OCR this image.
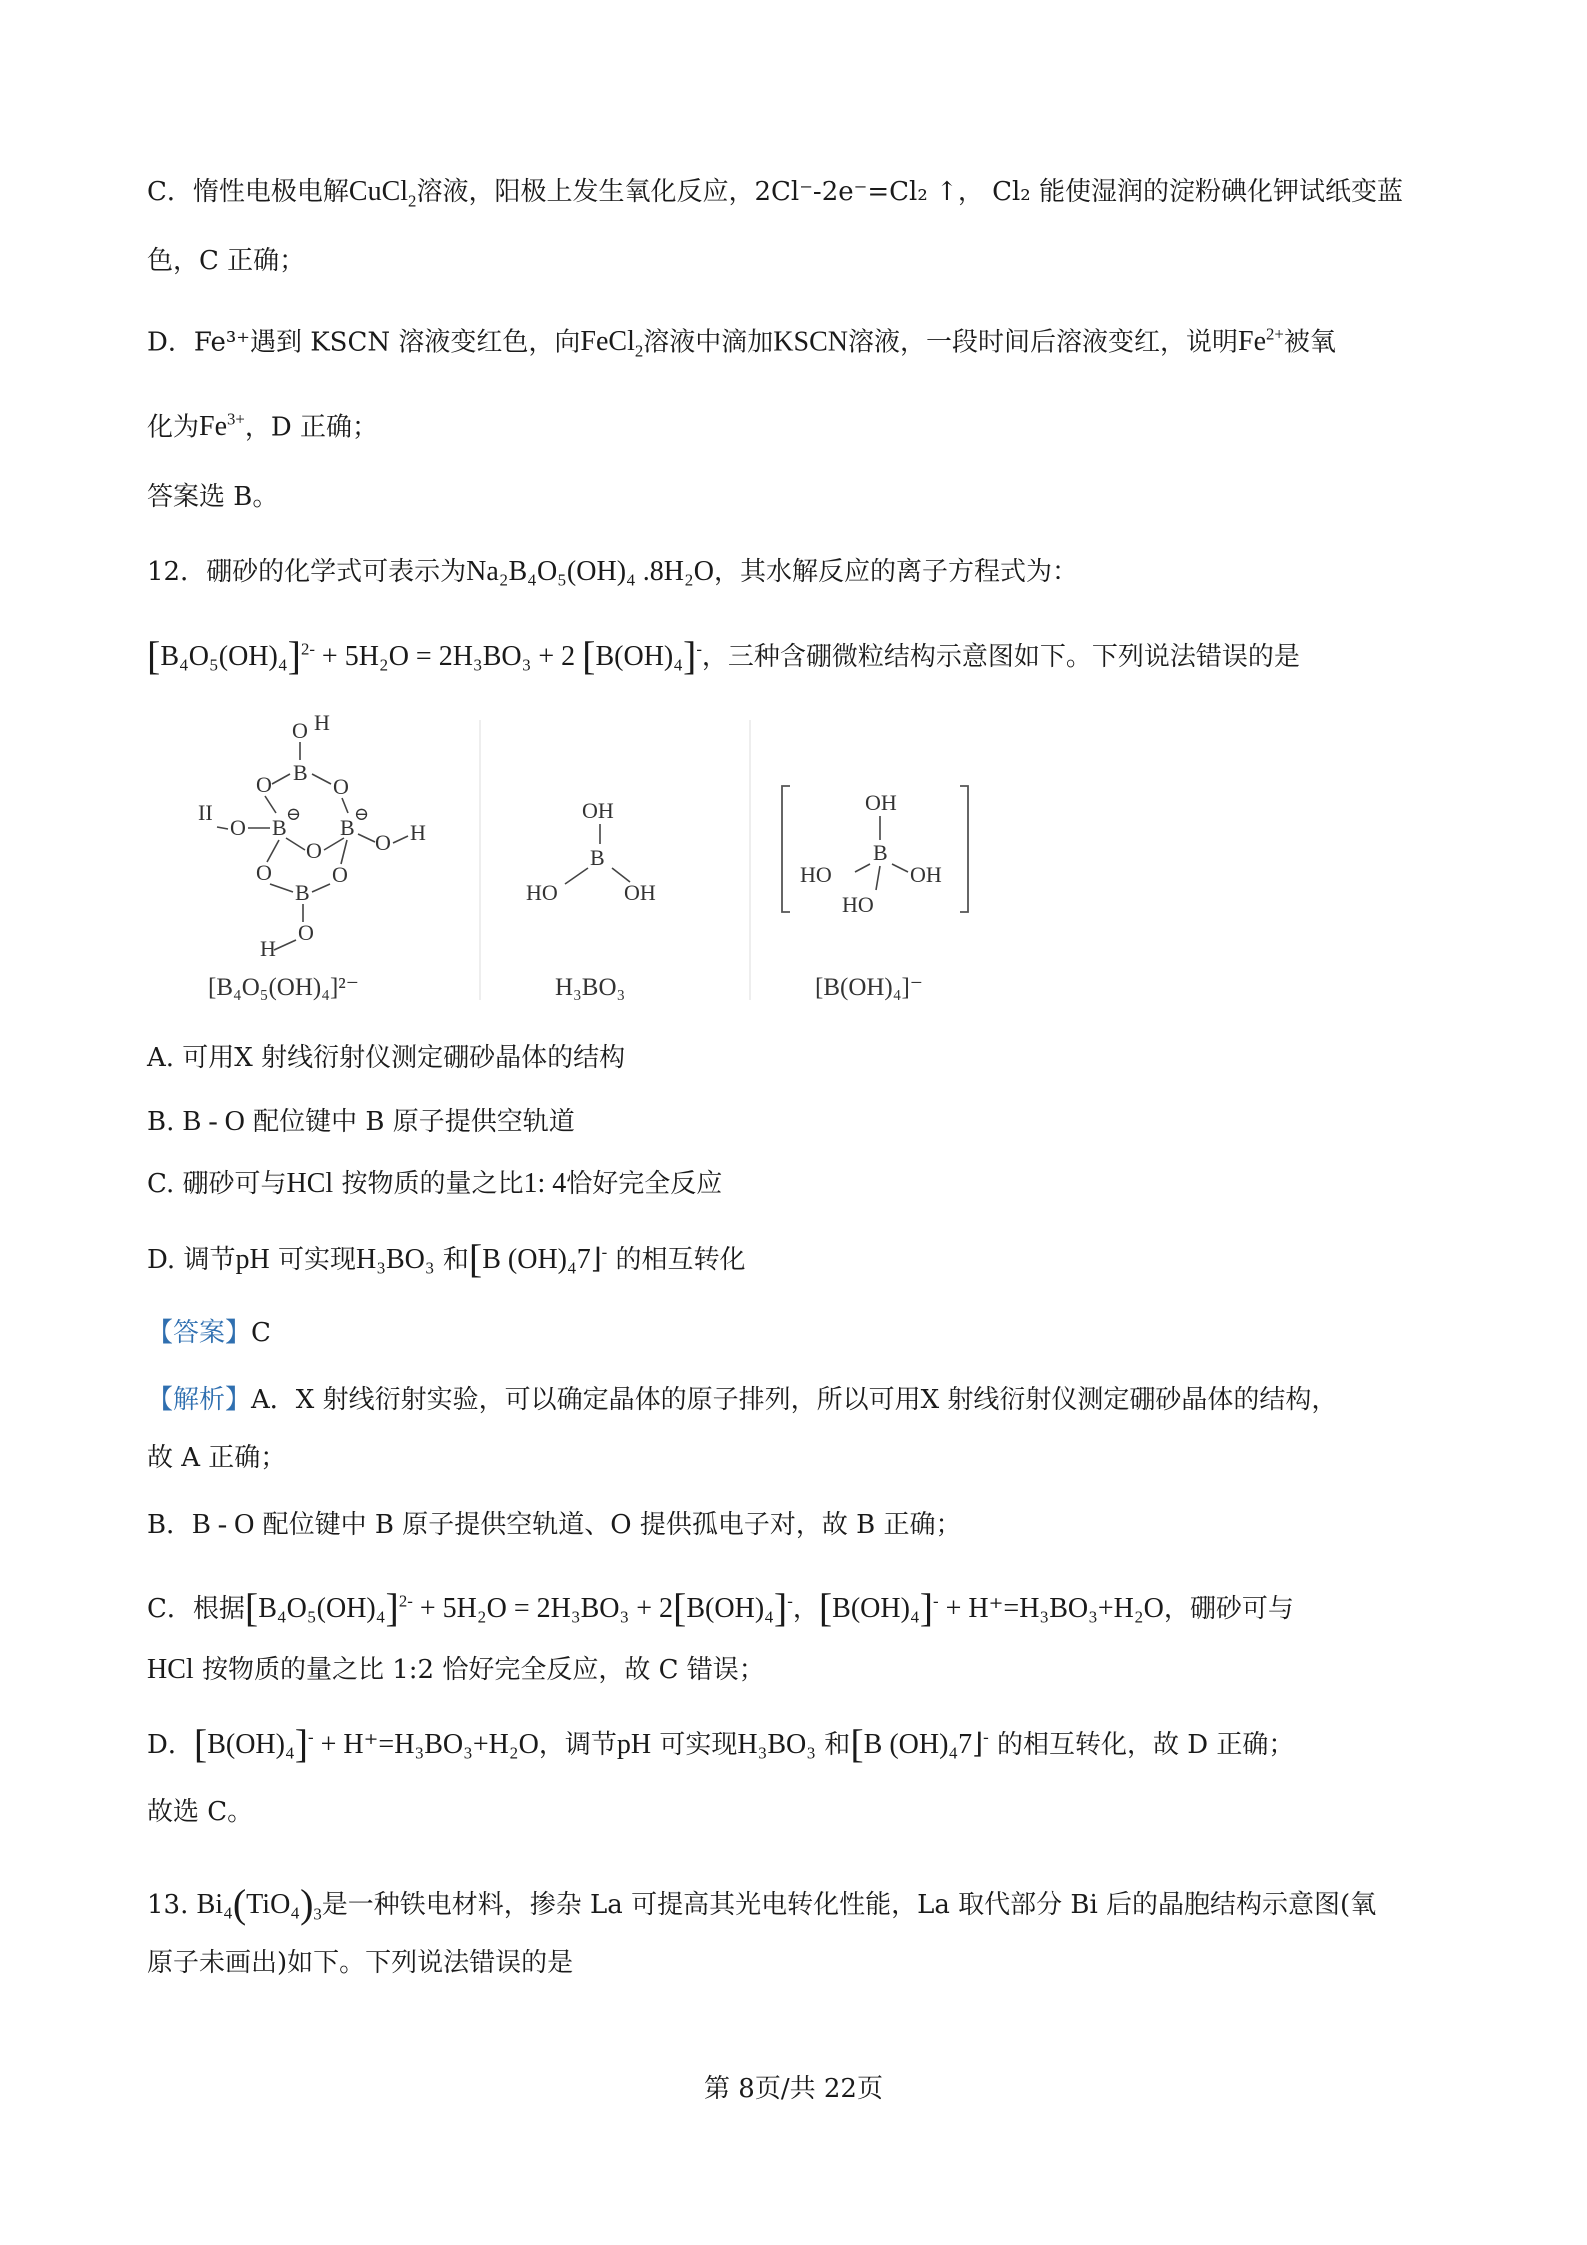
C．惰性电极电解CuCl$_2$溶液，阳极上发生氧化反应，2Cl⁻-2e⁻=Cl₂ ↑， Cl₂ 能使湿润的淀粉碘化钾试纸变蓝
色，C 正确；
D．Fe³⁺遇到 KSCN 溶液变红色，向FeCl$_2$溶液中滴加KSCN溶液，一段时间后溶液变红，说明$Fe^{2+}$被氧
化为$Fe^{3+}$，D 正确；
答案选 B。
12．硼砂的化学式可表示为Na₂B₄O₅(OH)₄ .8H₂O，其水解反应的离子方程式为：
$[B_4O_5(OH)_4]^{2-} + 5H_2O = 2H_3BO_3 + 2$ [B(OH)₄]-，三种含硼微粒结构示意图如下。下列说法错误的是
O H
B
O	O
II
O B
⊖
B
⊖
O H
O
O	O
B
O
H
OH
B
HO	OH
OH
B
HO	OH
HO
[B₄O₅(OH)₄]²⁻	H₃BO₃	[B(OH)₄]⁻
A. 可用X 射线衍射仪测定硼砂晶体的结构
B. B - O 配位键中 B 原子提供空轨道
C. 硼砂可与HCl 按物质的量之比1: 4恰好完全反应
D. 调节pH 可实现H₃BO₃ 和[B (OH)₄7⌋- 的相互转化
【答案】C
【解析】A．X 射线衍射实验，可以确定晶体的原子排列，所以可用X 射线衍射仪测定硼砂晶体的结构，
故 A 正确；
B．B - O 配位键中 B 原子提供空轨道、O 提供孤电子对，故 B 正确；
C．根据$[B_4O_5(OH)_4]^{2-} + 5H_2O = 2H_3BO_3 + 2[B(OH)_4]^-$，[B(OH)₄]- + H⁺=H₃BO₃+H₂O，硼砂可与
HCl 按物质的量之比 1:2 恰好完全反应，故 C 错误；
D．[B(OH)₄]- + H⁺=H₃BO₃+H₂O，调节pH 可实现H₃BO₃ 和[B (OH)₄7⌋- 的相互转化，故 D 正确；
故选 C。
13. $Bi_4(TiO_4)_3$是一种铁电材料，掺杂 La 可提高其光电转化性能，La 取代部分 Bi 后的晶胞结构示意图(氧
原子未画出)如下。下列说法错误的是
第 8页/共 22页
